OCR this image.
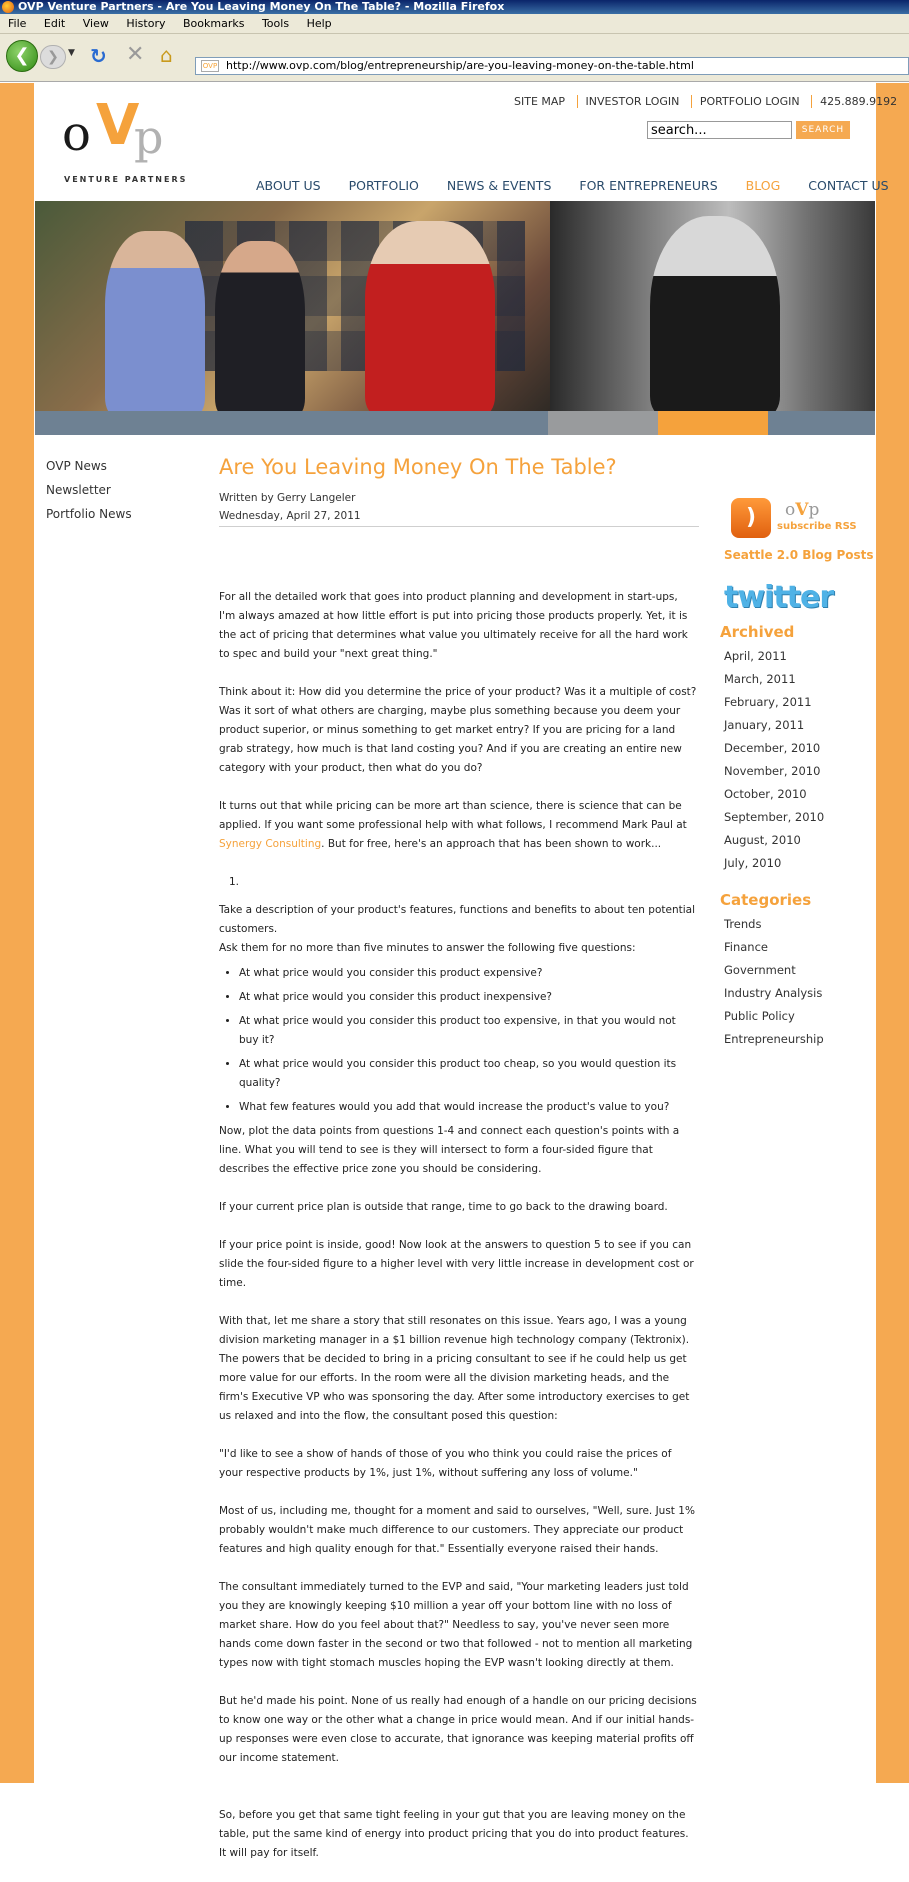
OVP Venture Partners - Are You Leaving Money On The Table? - Mozilla Firefox
File Edit View History Bookmarks Tools Help
❮	❯	▼ ↻ ✕ ⌂	OVP http://www.ovp.com/blog/entrepreneurship/are-you-leaving-money-on-the-table.html
o V
p
VENTURE PARTNERS
SITE MAP INVESTOR LOGIN PORTFOLIO LOGIN 425.889.9192
search...
SEARCH
ABOUT US PORTFOLIO NEWS & EVENTS FOR ENTREPRENEURS BLOG CONTACT US
OVP News
Newsletter
Portfolio News
Are You Leaving Money On The Table?
Written by Gerry Langeler
Wednesday, April 27, 2011

For all the detailed work that goes into product planning and development in start-ups, I'm always amazed at how little effort is put into pricing those products properly. Yet, it is the act of pricing that determines what value you ultimately receive for all the hard work to spec and build your "next great thing."

Think about it: How did you determine the price of your product? Was it a multiple of cost? Was it sort of what others are charging, maybe plus something because you deem your product superior, or minus something to get market entry? If you are pricing for a land grab strategy, how much is that land costing you? And if you are creating an entire new category with your product, then what do you do?

It turns out that while pricing can be more art than science, there is science that can be applied. If you want some professional help with what follows, I recommend Mark Paul at Synergy Consulting. But for free, here's an approach that has been shown to work...

1.

Take a description of your product's features, functions and benefits to about ten potential customers.

Ask them for no more than five minutes to answer the following five questions:

• At what price would you consider this product expensive?
• At what price would you consider this product inexpensive?
• At what price would you consider this product too expensive, in that you would not buy it?
• At what price would you consider this product too cheap, so you would question its quality?
• What few features would you add that would increase the product's value to you?

Now, plot the data points from questions 1-4 and connect each question's points with a line. What you will tend to see is they will intersect to form a four-sided figure that describes the effective price zone you should be considering.

If your current price plan is outside that range, time to go back to the drawing board.

If your price point is inside, good! Now look at the answers to question 5 to see if you can slide the four-sided figure to a higher level with very little increase in development cost or time.

With that, let me share a story that still resonates on this issue. Years ago, I was a young division marketing manager in a $1 billion revenue high technology company (Tektronix). The powers that be decided to bring in a pricing consultant to see if he could help us get more value for our efforts. In the room were all the division marketing heads, and the firm's Executive VP who was sponsoring the day. After some introductory exercises to get us relaxed and into the flow, the consultant posed this question:

"I'd like to see a show of hands of those of you who think you could raise the prices of your respective products by 1%, just 1%, without suffering any loss of volume."

Most of us, including me, thought for a moment and said to ourselves, "Well, sure. Just 1% probably wouldn't make much difference to our customers. They appreciate our product features and high quality enough for that." Essentially everyone raised their hands.

The consultant immediately turned to the EVP and said, "Your marketing leaders just told you they are knowingly keeping $10 million a year off your bottom line with no loss of market share. How do you feel about that?" Needless to say, you've never seen more hands come down faster in the second or two that followed - not to mention all marketing types now with tight stomach muscles hoping the EVP wasn't looking directly at them.

But he'd made his point. None of us really had enough of a handle on our pricing decisions to know one way or the other what a change in price would mean. And if our initial hands-up responses were even close to accurate, that ignorance was keeping material profits off our income statement.

So, before you get that same tight feeling in your gut that you are leaving money on the table, put the same kind of energy into product pricing that you do into product features. It will pay for itself.

)	oVp
subscribe RSS
Seattle 2.0 Blog Posts
twitter
Archived
April, 2011
March, 2011
February, 2011
January, 2011
December, 2010
November, 2010
October, 2010
September, 2010
August, 2010
July, 2010
Categories
Trends
Finance
Government
Industry Analysis
Public Policy
Entrepreneurship
